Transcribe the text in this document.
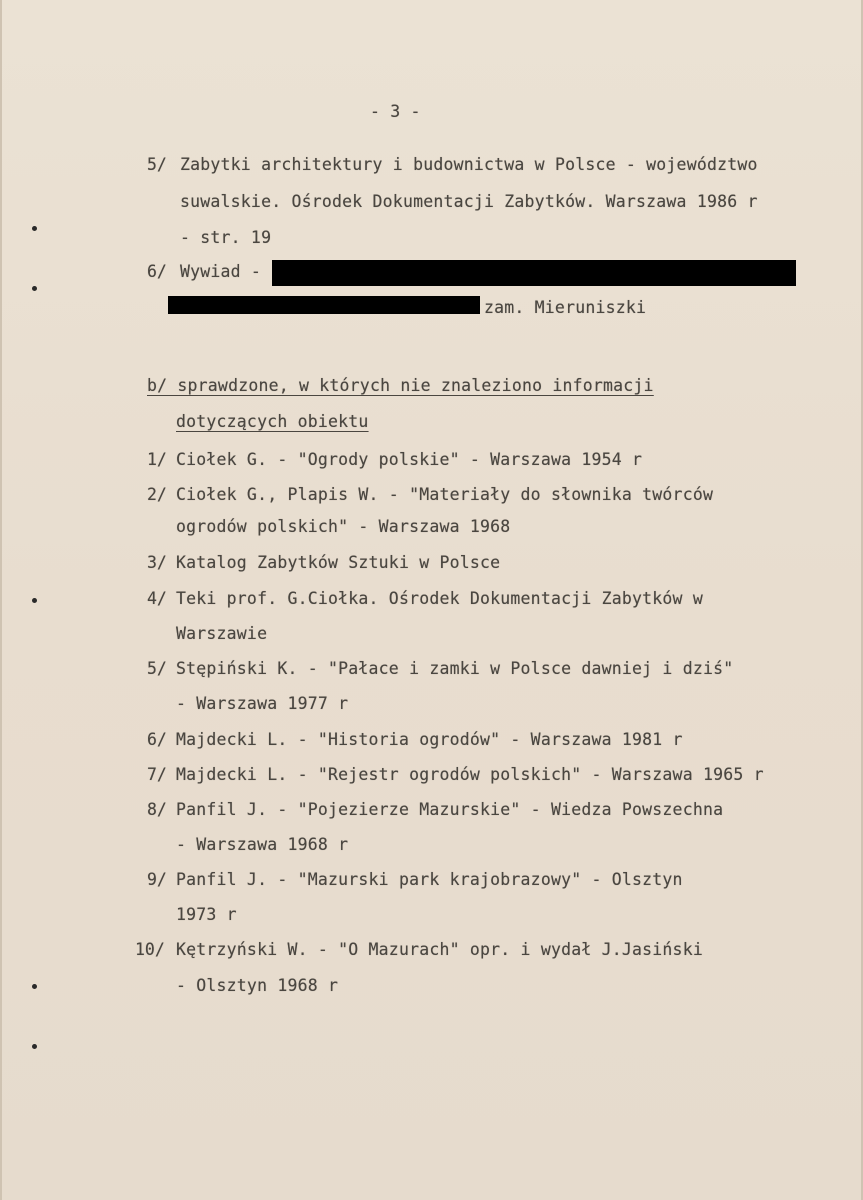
- 3 -
5/ Zabytki architektury i budownictwa w Polsce - województwo
suwalskie. Ośrodek Dokumentacji Zabytków. Warszawa 1986 r
- str. 19
6/ Wywiad -
zam. Mieruniszki
b/ sprawdzone, w których nie znaleziono informacji
dotyczących obiektu
1/ Ciołek G. - "Ogrody polskie" - Warszawa 1954 r
2/ Ciołek G., Plapis W. - "Materiały do słownika twórców
ogrodów polskich" - Warszawa 1968
3/ Katalog Zabytków Sztuki w Polsce
4/ Teki prof. G.Ciołka. Ośrodek Dokumentacji Zabytków w
Warszawie
5/ Stępiński K. - "Pałace i zamki w Polsce dawniej i dziś"
- Warszawa 1977 r
6/ Majdecki L. - "Historia ogrodów" - Warszawa 1981 r
7/ Majdecki L. - "Rejestr ogrodów polskich" - Warszawa 1965 r
8/ Panfil J. - "Pojezierze Mazurskie" - Wiedza Powszechna
- Warszawa 1968 r
9/ Panfil J. - "Mazurski park krajobrazowy" - Olsztyn
1973 r
10/ Kętrzyński W. - "O Mazurach" opr. i wydał J.Jasiński
- Olsztyn 1968 r
